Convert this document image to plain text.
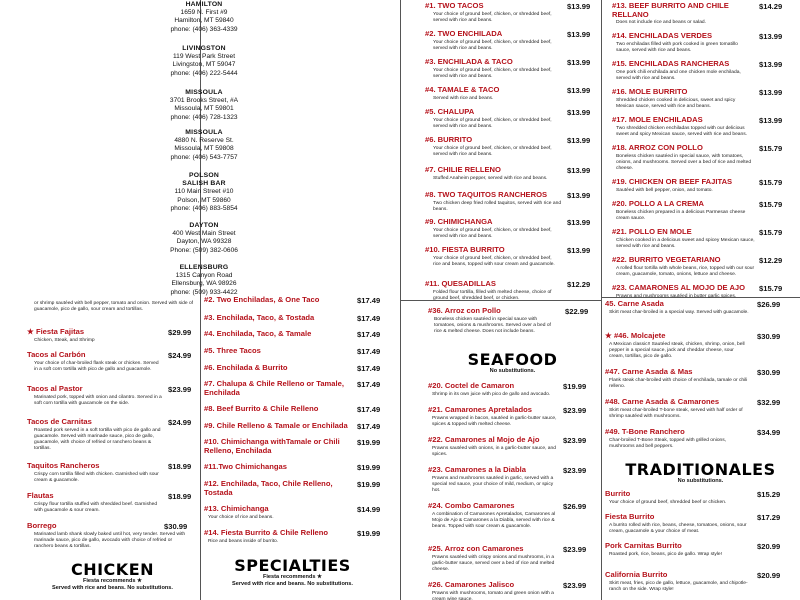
HAMILTON
1659 N. First #9
Hamilton, MT 59840
phone: (406) 363-4339
LIVINGSTON
119 West Park Street
Livingston, MT 59047
phone: (406) 222-5444
MISSOULA
3701 Brooks Street, #A
Missoula, MT 59801
phone: (406) 728-1323
MISSOULA
4880 N. Reserve St.
Missoula, MT 59808
phone: (406) 543-7757
POLSON
SALISH BAR
110 Main Street #10
Polson, MT 59860
phone: (406) 883-5854
DAYTON
400 West Main Street
Dayton, WA 99328
Phone: (509) 382-0606
ELLENSBURG
1315 Canyon Road
Ellensburg, WA 98926
phone: (509) 933-4422
or shrimp sautéed with bell pepper, tomato and onion. Served with side of guacamole, pico de gallo, sour cream and tortillas.
★ Fiesta Fajitas
Chicken, Steak, and Shrimp
$29.99
Tacos al Carbón
Your choice of char-broiled flank steak or chicken. Served in a soft corn tortilla with pico de gallo and guacamole.
$24.99
Tacos al Pastor
Marinated pork, topped with onion and cilantro. Served in a soft corn tortilla with guacamole on the side.
$23.99
Tacos de Carnitas
Roasted pork served in a soft tortilla with pico de gallo and guacamole. Served with marinade sauce, pico de gallo, guacamole, with choice of refried or ranchero beans & tortillas.
$24.99
Taquitos Rancheros
Crispy corn tortilla filled with chicken. Garnished with sour cream & guacamole.
$18.99
Flautas
Crispy flour tortilla stuffed with shredded beef. Garnished with guacamole & sour cream.
$18.99
Borrego
Marinated lamb shank slowly baked until hot, very tender. Served with marinade sauce, pico de gallo, avocado with choice of refried or ranchero beans & tortillas.
$30.99
CHICKEN
Fiesta recommends ★
Served with rice and beans. No substitutions.
#2. Two Enchiladas, & One Taco	$17.49
#3. Enchilada, Taco, & Tostada	$17.49
#4. Enchilada, Taco, & Tamale	$17.49
#5. Three Tacos	$17.49
#6. Enchilada & Burrito	$17.49
#7. Chalupa & Chile Relleno or Tamale, Enchilada
$17.49
#8. Beef Burrito & Chile Relleno	$17.49
#9. Chile Relleno & Tamale or Enchilada	$17.49
#10. Chimichanga withTamale or Chili Relleno, Enchilada
$19.99
#11.Two Chimichangas	$19.99
#12. Enchilada, Taco, Chile Relleno, Tostada
$19.99
#13. Chimichanga
Your choice of rice and beans.
$14.99
#14. Fiesta Burrito & Chile Relleno
Rice and beans inside of burrito.
$19.99
SPECIALTIES
Fiesta recommends ★
Served with rice and beans. No substitutions.
#1. TWO TACOS
Your choice of ground beef, chicken, or shredded beef, served with rice and beans.
$13.99
#2. TWO ENCHILADA
Your choice of ground beef, chicken, or shredded beef, served with rice and beans.
$13.99
#3. ENCHILADA & TACO
Your choice of ground beef, chicken, or shredded beef, served with rice and beans.
$13.99
#4. TAMALE & TACO
Served with rice and beans.
$13.99
#5. CHALUPA
Your choice of ground beef, chicken, or shredded beef, served with rice and beans.
$13.99
#6. BURRITO
Your choice of ground beef, chicken, or shredded beef, served with rice and beans.
$13.99
#7. CHILIE RELLENO
Stuffed Anaheim pepper, served with rice and beans.
$13.99
#8. TWO TAQUITOS RANCHEROS
Two chicken deep fried rolled taquitos, served with rice and beans.
$13.99
#9. CHIMICHANGA
Your choice of ground beef, chicken, or shredded beef, served with rice and beans.
$13.99
#10. FIESTA BURRITO
Your choice of ground beef, chicken, or shredded beef, rice and beans, topped with sour cream and guacamole.
$13.99
#11. QUESADILLAS
Folded flour tortilla, filled with melted cheese, choice of ground beef, shredded beef, or chicken.
$12.29
#36. Arroz con Pollo
Boneless chicken sautéed in special sauce with tomatoes, onions & mushrooms. Served over a bed of rice & melted cheese. Does not include beans.
$22.99
SEAFOOD
No substitutions.
#20. Coctel de Camaron
Shrimp in its own juice with pico de gallo and avocado.
$19.99
#21. Camarones Apretalados
Prawns wrapped in bacon, sautéed in garlic-butter sauce, spices & topped with melted cheese.
$23.99
#22. Camarones al Mojo de Ajo
Prawns sautéed with onions, in a garlic-butter sauce, and spices.
$23.99
#23. Camarones a la Diabla
Prawns and mushrooms sautéed in garlic, served with a special red sauce, your choice of mild, medium, or spicy hot.
$23.99
#24. Combo Camarones
A combination of Camarones Apretalados, Camarones al Mojo de Ajo & Camarones a la Diabla, served with rice & beans. Topped with sour cream & guacamole.
$26.99
#25. Arroz con Camarones
Prawns sautéed with crispy onions and mushrooms, in a garlic-butter sauce, served over a bed of rice and melted cheese.
$23.99
#26. Camarones Jalisco
Prawns with mushrooms, tomato and green onion with a cream wine sauce.
$23.99
#13. BEEF BURRITO AND CHILE RELLANO
Does not include rice and beans or salad.
$14.29
#14. ENCHILADAS VERDES
Two enchiladas filled with pork cooked in green tomatillo sauce, served with rice and beans.
$13.99
#15. ENCHILADAS RANCHERAS
One pork chili enchilada and one chicken mole enchilada, served with rice and beans.
$13.99
#16. MOLE BURRITO
Shredded chicken cooked in delicious, sweet and spicy Mexican sauce, served with rice and beans.
$13.99
#17. MOLE ENCHILADAS
Two shredded chicken enchiladas topped with our delicious sweet and spicy Mexican sauce, served with rice and beans.
$13.99
#18. ARROZ CON POLLO
Boneless chicken sautéed in special sauce, with tomatoes, onions, and mushrooms. Served over a bed of rice and melted cheese.
$15.79
#19. CHICKEN OR BEEF FAJITAS
Sautéed with bell pepper, onion, and tomato.
$15.79
#20. POLLO A LA CREMA
Boneless chicken prepared in a delicious Parmesan cheese cream sauce.
$15.79
#21. POLLO EN MOLE
Chicken cooked in a delicious sweet and spicey Mexican sauce, served with rice and beans.
$15.79
#22. BURRITO VEGETARIANO
A rolled flour tortilla with whole beans, rice, topped with our sour cream, guacamole, tomato, onions, lettuce and cheese.
$12.29
#23. CAMARONES AL MOJO DE AJO
Prawns and mushrooms sautéed in butter garlic spices.
$15.79
45. Carne Asada
Skirt meat char-broiled in a special way. Served with guacamole.
$26.99
★ #46. Molcajete
A Mexican classic!! Sautéed steak, chicken, shrimp, onion, bell pepper in a special sauce, jack and cheddar cheese, sour cream, tortillas, pico de gallo.
$30.99
#47. Carne Asada & Mas
Flank steak char-broiled with choice of enchilada, tamale or chili relleno.
$30.99
#48. Carne Asada & Camarones
Skirt meat char-broiled T-bone steak, served with half order of shrimp sautéed with mushrooms.
$32.99
#49. T-Bone Ranchero
Char-broiled T-Bone Steak, topped with grilled onions, mushrooms and bell peppers.
$34.99
TRADITIONALES
No substitutions.
Burrito
Your choice of ground beef, shredded beef or chicken.
$15.29
Fiesta Burrito
A burrito rolled with rice, beans, cheese, tomatoes, onions, sour cream, guacamole & your choice of meat.
$17.29
Pork Carnitas Burrito
Roasted pork, rice, beans, pico de gallo. Wrap style!
$20.99
California Burrito
Skirt meat, fries, pico de gallo, lettuce, guacamole, and chipotle-ranch on the side. Wrap style!
$20.99
